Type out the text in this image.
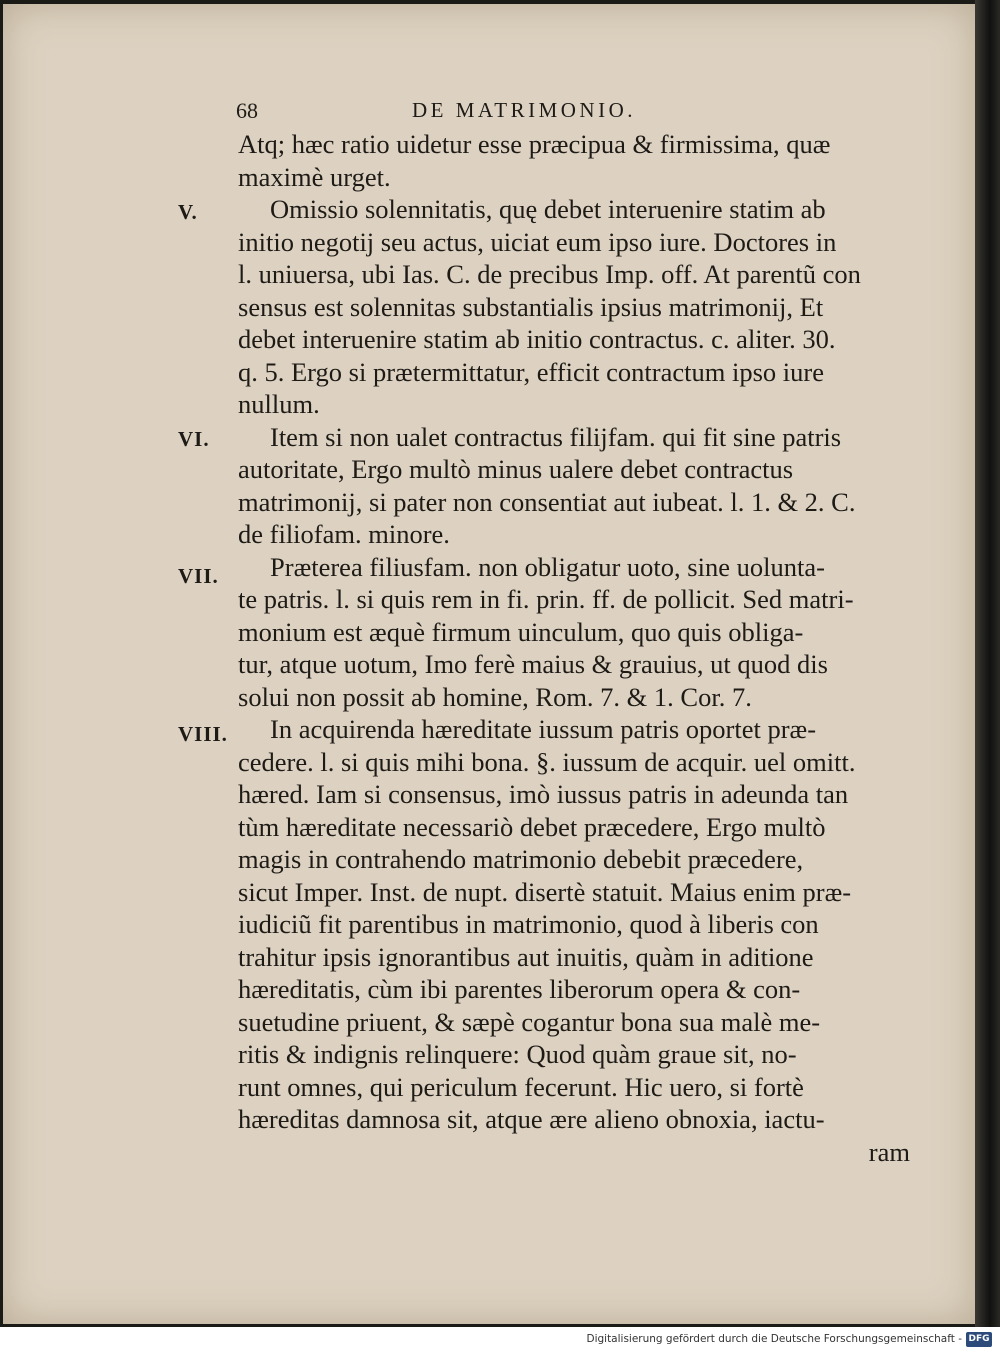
68	DE MATRIMONIO.
V.
VI.
VII.
VIII.
Atq; hæc ratio uidetur esse præcipua & firmissima, quæ
maximè urget.
Omissio solennitatis, quę debet interuenire statim ab
initio negotij seu actus, uiciat eum ipso iure. Doctores in
l. uniuersa, ubi Ias. C. de precibus Imp. off. At parentũ con
sensus est solennitas substantialis ipsius matrimonij, Et
debet interuenire statim ab initio contractus. c. aliter. 30.
q. 5. Ergo si prætermittatur, efficit contractum ipso iure
nullum.
Item si non ualet contractus filijfam. qui fit sine patris
autoritate, Ergo multò minus ualere debet contractus
matrimonij, si pater non consentiat aut iubeat. l. 1. & 2. C.
de filiofam. minore.
Præterea filiusfam. non obligatur uoto, sine uolunta-
te patris. l. si quis rem in fi. prin. ff. de pollicit. Sed matri-
monium est æquè firmum uinculum, quo quis obliga-
tur, atque uotum, Imo ferè maius & grauius, ut quod dis
solui non possit ab homine, Rom. 7. & 1. Cor. 7.
In acquirenda hæreditate iussum patris oportet præ-
cedere. l. si quis mihi bona. §. iussum de acquir. uel omitt.
hæred. Iam si consensus, imò iussus patris in adeunda tan
tùm hæreditate necessariò debet præcedere, Ergo multò
magis in contrahendo matrimonio debebit præcedere,
sicut Imper. Inst. de nupt. disertè statuit. Maius enim præ-
iudiciũ fit parentibus in matrimonio, quod à liberis con
trahitur ipsis ignorantibus aut inuitis, quàm in aditione
hæreditatis, cùm ibi parentes liberorum opera & con-
suetudine priuent, & sæpè cogantur bona sua malè me-
ritis & indignis relinquere: Quod quàm graue sit, no-
runt omnes, qui periculum fecerunt. Hic uero, si fortè
hæreditas damnosa sit, atque ære alieno obnoxia, iactu-
ram
Digitalisierung gefördert durch die Deutsche Forschungsgemeinschaft - DFG
